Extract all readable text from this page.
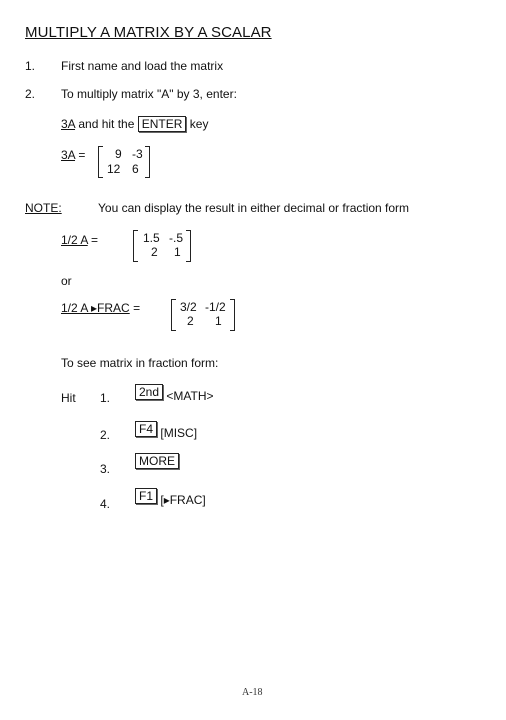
MULTIPLY A MATRIX BY A SCALAR
1. First name and load the matrix
2. To multiply matrix "A" by 3, enter:
3A and hit the ENTER key
3A = 9 -3
12 6
NOTE:	You can display the result in either decimal or fraction form
1/2 A =	1.5 -.5
2 1
or
1/2 A ▸FRAC =	3/2 -1/2
2 1
To see matrix in fraction form:
Hit 1.	2nd <MATH>
2.	F4 [MISC]
3.
MORE
4.
F1 [▸FRAC]
A-18
